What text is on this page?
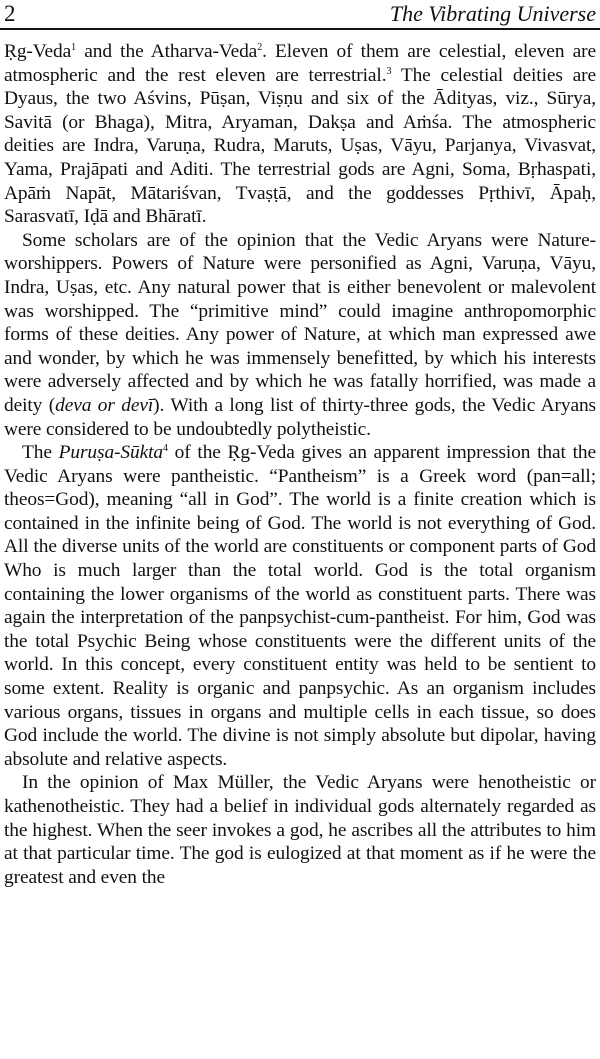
2	The Vibrating Universe

Ṛg-Veda$^1$ and the Atharva-Veda$^2$. Eleven of them are celestial, eleven are atmospheric and the rest eleven are terrestrial.$^3$ The celestial deities are Dyaus, the two Aśvins, Pūṣan, Viṣṇu and six of the Ādityas, viz., Sūrya, Savitā (or Bhaga), Mitra, Aryaman, Dakṣa and Aṁśa. The atmospheric deities are Indra, Varuṇa, Rudra, Maruts, Uṣas, Vāyu, Parjanya, Vivasvat, Yama, Prajāpati and Aditi. The terrestrial gods are Agni, Soma, Bṛhaspati, Apāṁ Napāt, Mātariśvan, Tvaṣṭā, and the goddesses Pṛthivī, Āpaḥ, Sarasvatī, Iḍā and Bhāratī.

Some scholars are of the opinion that the Vedic Aryans were Nature-worshippers. Powers of Nature were personified as Agni, Varuṇa, Vāyu, Indra, Uṣas, etc. Any natural power that is either benevolent or malevolent was worshipped. The “primitive mind” could imagine anthropomorphic forms of these deities. Any power of Nature, at which man expressed awe and wonder, by which he was immensely benefitted, by which his interests were adversely affected and by which he was fatally horrified, was made a deity (deva or devī). With a long list of thirty-three gods, the Vedic Aryans were considered to be undoubtedly polytheistic.

The Puruṣa-Sūkta$^4$ of the Ṛg-Veda gives an apparent impression that the Vedic Aryans were pantheistic. “Pantheism” is a Greek word (pan=all; theos=God), meaning “all in God”. The world is a finite creation which is contained in the infinite being of God. The world is not everything of God. All the diverse units of the world are constituents or component parts of God Who is much larger than the total world. God is the total organism containing the lower organisms of the world as constituent parts. There was again the interpretation of the panpsychist-cum-pantheist. For him, God was the total Psychic Being whose constituents were the different units of the world. In this concept, every constituent entity was held to be sentient to some extent. Reality is organic and panpsychic. As an organism includes various organs, tissues in organs and multiple cells in each tissue, so does God include the world. The divine is not simply absolute but dipolar, having absolute and relative aspects.

In the opinion of Max Müller, the Vedic Aryans were henotheistic or kathenotheistic. They had a belief in individual gods alternately regarded as the highest. When the seer invokes a god, he ascribes all the attributes to him at that particular time. The god is eulogized at that moment as if he were the greatest and even the
